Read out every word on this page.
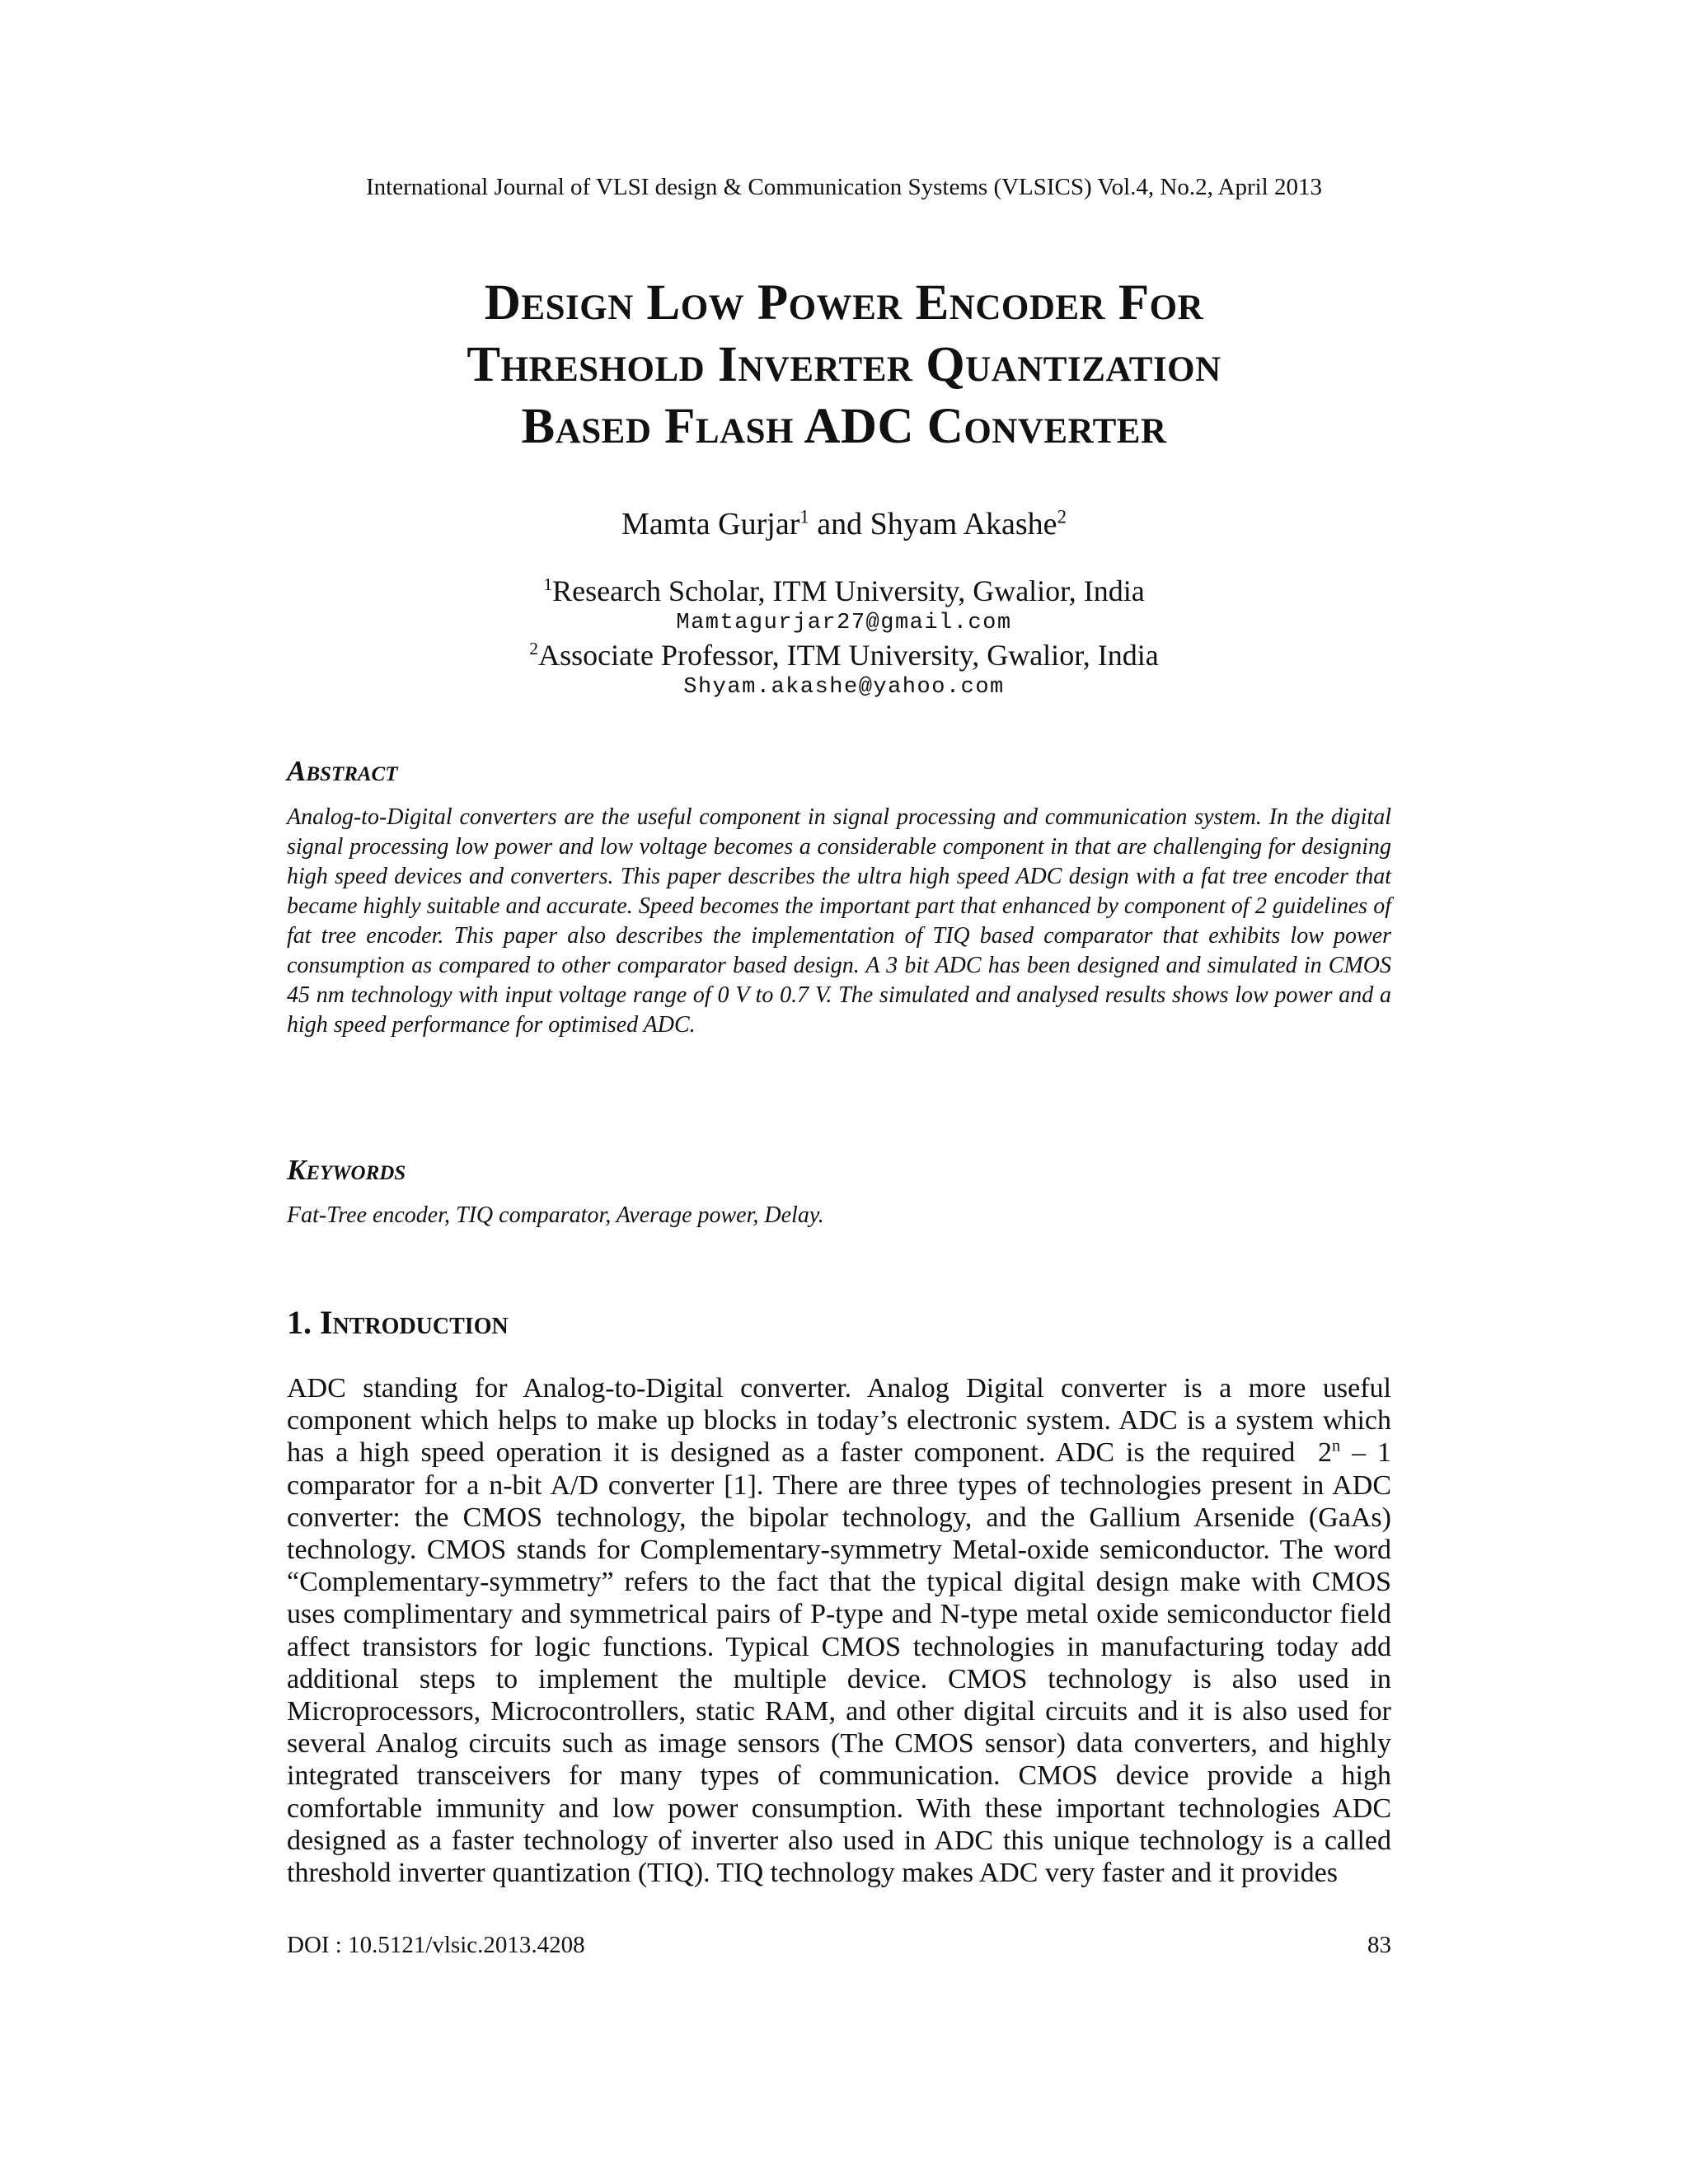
International Journal of VLSI design & Communication Systems (VLSICS) Vol.4, No.2, April 2013
Design Low Power Encoder For
Threshold Inverter Quantization
Based Flash ADC Converter
Mamta Gurjar$^1$ and Shyam Akashe$^2$
$^1$Research Scholar, ITM University, Gwalior, India
Mamtagurjar27@gmail.com
$^2$Associate Professor, ITM University, Gwalior, India
Shyam.akashe@yahoo.com
Abstract
Analog-to-Digital converters are the useful component in signal processing and communication system. In the digital signal processing low power and low voltage becomes a considerable component in that are challenging for designing high speed devices and converters. This paper describes the ultra high speed ADC design with a fat tree encoder that became highly suitable and accurate. Speed becomes the important part that enhanced by component of 2 guidelines of fat tree encoder. This paper also describes the implementation of TIQ based comparator that exhibits low power consumption as compared to other comparator based design. A 3 bit ADC has been designed and simulated in CMOS 45 nm technology with input voltage range of 0 V to 0.7 V. The simulated and analysed results shows low power and a high speed performance for optimised ADC.
Keywords
Fat-Tree encoder, TIQ comparator, Average power, Delay.
1. Introduction
ADC standing for Analog-to-Digital converter. Analog Digital converter is a more useful component which helps to make up blocks in today’s electronic system. ADC is a system which has a high speed operation it is designed as a faster component. ADC is the required 2$^n$ – 1 comparator for a n-bit A/D converter [1]. There are three types of technologies present in ADC converter: the CMOS technology, the bipolar technology, and the Gallium Arsenide (GaAs) technology. CMOS stands for Complementary-symmetry Metal-oxide semiconductor. The word “Complementary-symmetry” refers to the fact that the typical digital design make with CMOS uses complimentary and symmetrical pairs of P-type and N-type metal oxide semiconductor field affect transistors for logic functions. Typical CMOS technologies in manufacturing today add additional steps to implement the multiple device. CMOS technology is also used in Microprocessors, Microcontrollers, static RAM, and other digital circuits and it is also used for several Analog circuits such as image sensors (The CMOS sensor) data converters, and highly integrated transceivers for many types of communication. CMOS device provide a high comfortable immunity and low power consumption. With these important technologies ADC designed as a faster technology of inverter also used in ADC this unique technology is a called threshold inverter quantization (TIQ). TIQ technology makes ADC very faster and it provides
DOI : 10.5121/vlsic.2013.4208	83
